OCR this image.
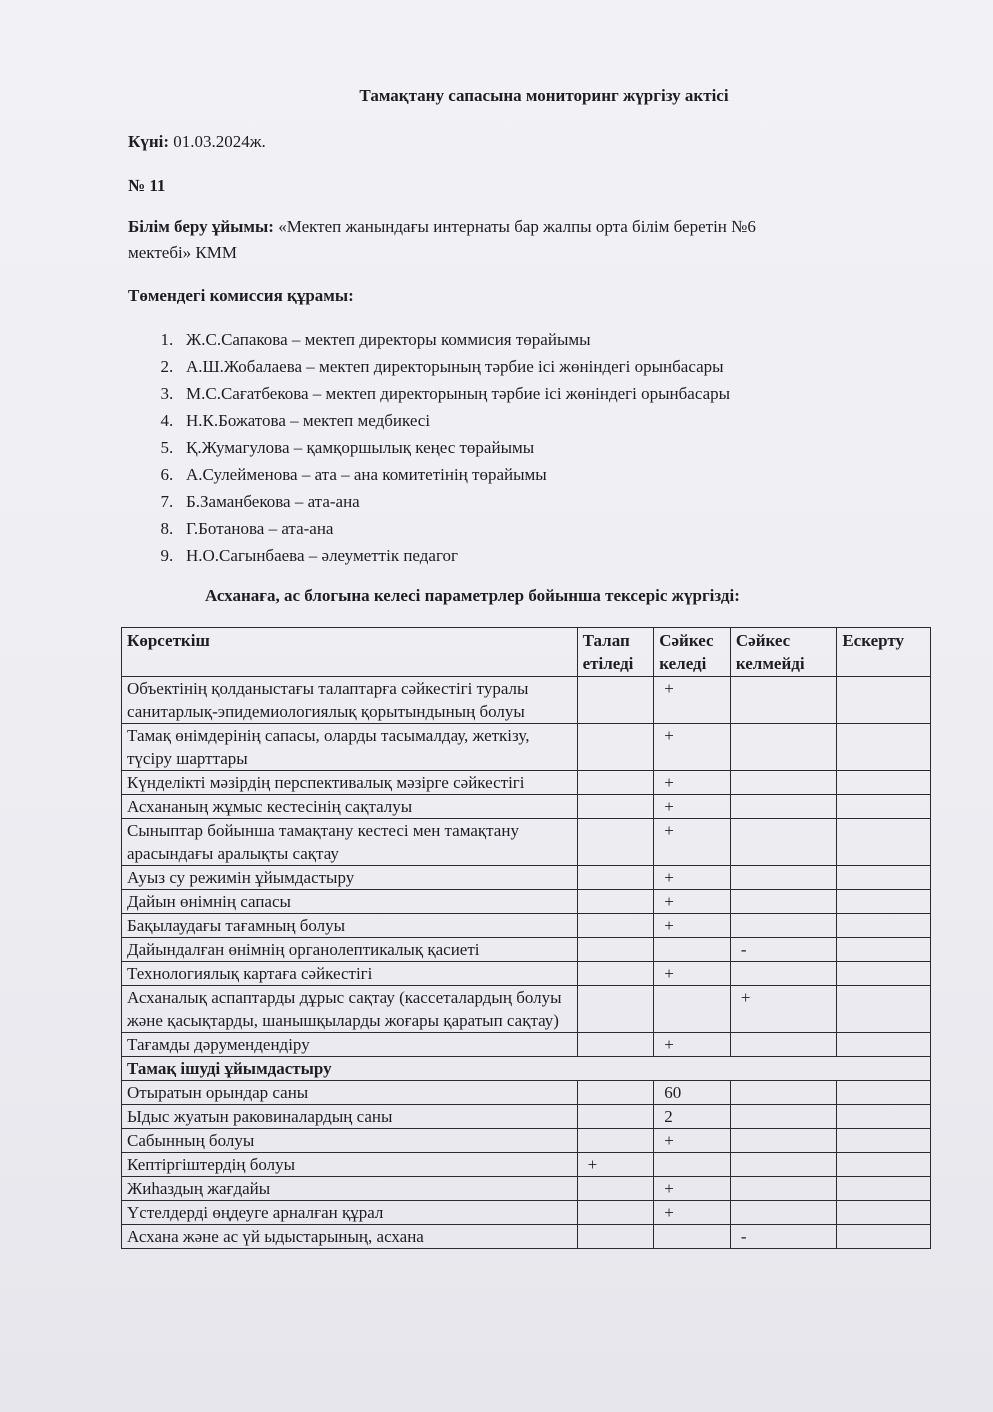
Тамақтану сапасына мониторинг жүргізу актісі
Күні: 01.03.2024ж.
№ 11
Білім беру ұйымы: «Мектеп жанындағы интернаты бар жалпы орта білім беретін №6
мектебі» КММ
Төмендегі комиссия құрамы:
1.   Ж.С.Сапакова – мектеп директоры коммисия төрайымы
2.   А.Ш.Жобалаева – мектеп директорының тәрбие ісі жөніндегі орынбасары
3.   М.С.Сағатбекова – мектеп директорының тәрбие ісі жөніндегі орынбасары
4.   Н.К.Божатова – мектеп медбикесі
5.   Қ.Жумагулова – қамқоршылық кеңес төрайымы
6.   А.Сулейменова – ата – ана комитетінің төрайымы
7.   Б.Заманбекова – ата-ана
8.   Г.Ботанова – ата-ана
9.   Н.О.Сагынбаева – әлеуметтік педагог
Асханаға, ас блогына келесі параметрлер бойынша тексеріс жүргізді:
Көрсеткіш	Талап етіледі	Сәйкес келеді	Сәйкес келмейді	Ескерту
Объектінің қолданыстағы талаптарға сәйкестігі туралы санитарлық-эпидемиологиялық қорытындының болуы		+		
Тамақ өнімдерінің сапасы, оларды тасымалдау, жеткізу, түсіру шарттары		+		
Күнделікті мәзірдің перспективалық мәзірге сәйкестігі		+		
Асхананың жұмыс кестесінің сақталуы		+		
Сыныптар бойынша тамақтану кестесі мен тамақтану арасындағы аралықты сақтау		+		
Ауыз су режимін ұйымдастыру		+		
Дайын өнімнің сапасы		+		
Бақылаудағы тағамның болуы		+		
Дайындалған өнімнің органолептикалық қасиеті			-	
Технологиялық картаға сәйкестігі		+		
Асханалық аспаптарды дұрыс сақтау (кассеталардың болуы және қасықтарды, шанышқыларды жоғары қаратып сақтау)			+	
Тағамды дәрумендендіру		+		
Тамақ ішуді ұйымдастыру				
Отыратын орындар саны		60		
Ыдыс жуатын раковиналардың саны		2		
Сабынның болуы		+		
Кептіргіштердің болуы	+			
Жиһаздың жағдайы		+		
Үстелдерді өңдеуге арналған құрал		+		
Асхана және ас үй ыдыстарының, асхана			-	
